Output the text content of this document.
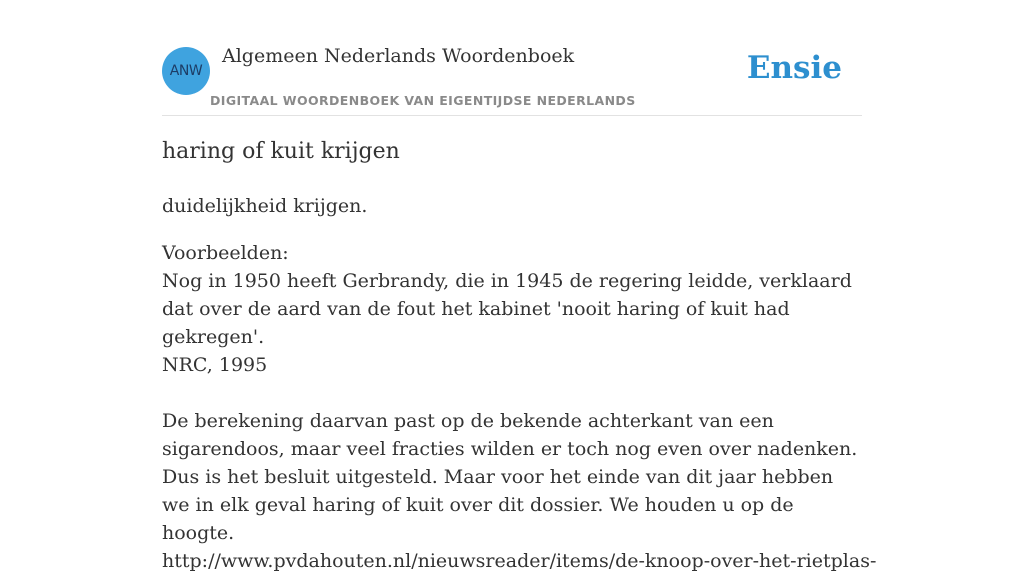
ANW
Algemeen Nederlands Woordenboek
DIGITAAL WOORDENBOEK VAN EIGENTIJDSE NEDERLANDS
Ensie
haring of kuit krijgen
duidelijkheid krijgen.

Voorbeelden:

Nog in 1950 heeft Gerbrandy, die in 1945 de regering leidde, verklaard dat over de aard van de fout het kabinet 'nooit haring of kuit had gekregen'.

NRC, 1995

De berekening daarvan past op de bekende achterkant van een sigarendoos, maar veel fracties wilden er toch nog even over nadenken. Dus is het besluit uitgesteld. Maar voor het einde van dit jaar hebben we in elk geval haring of kuit over dit dossier. We houden u op de hoogte.

http://www.pvdahouten.nl/nieuwsreader/items/de-knoop-over-het-rietplas-
